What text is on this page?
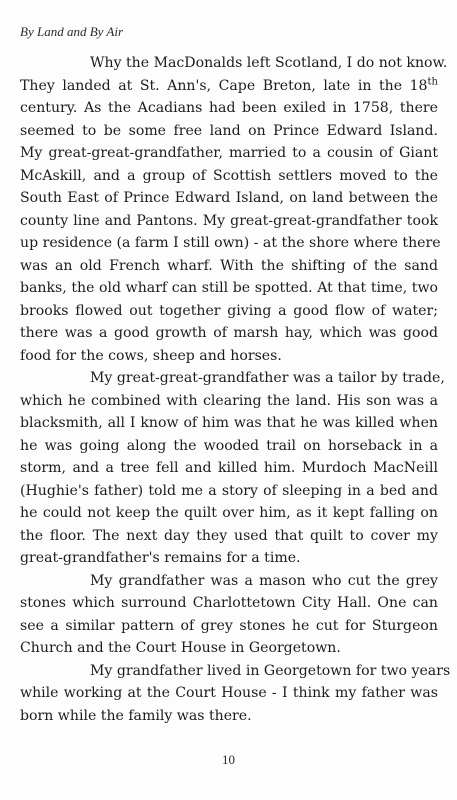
By Land and By Air
Why the MacDonalds left Scotland, I do not know.
They landed at St. Ann's, Cape Breton, late in the 18th
century. As the Acadians had been exiled in 1758, there
seemed to be some free land on Prince Edward Island.
My great-great-grandfather, married to a cousin of Giant
McAskill, and a group of Scottish settlers moved to the
South East of Prince Edward Island, on land between the
county line and Pantons. My great-great-grandfather took
up residence (a farm I still own) - at the shore where there
was an old French wharf. With the shifting of the sand
banks, the old wharf can still be spotted. At that time, two
brooks flowed out together giving a good flow of water;
there was a good growth of marsh hay, which was good
food for the cows, sheep and horses.
My great-great-grandfather was a tailor by trade,
which he combined with clearing the land. His son was a
blacksmith, all I know of him was that he was killed when
he was going along the wooded trail on horseback in a
storm, and a tree fell and killed him. Murdoch MacNeill
(Hughie's father) told me a story of sleeping in a bed and
he could not keep the quilt over him, as it kept falling on
the floor. The next day they used that quilt to cover my
great-grandfather's remains for a time.
My grandfather was a mason who cut the grey
stones which surround Charlottetown City Hall. One can
see a similar pattern of grey stones he cut for Sturgeon
Church and the Court House in Georgetown.
My grandfather lived in Georgetown for two years
while working at the Court House - I think my father was
born while the family was there.
10
